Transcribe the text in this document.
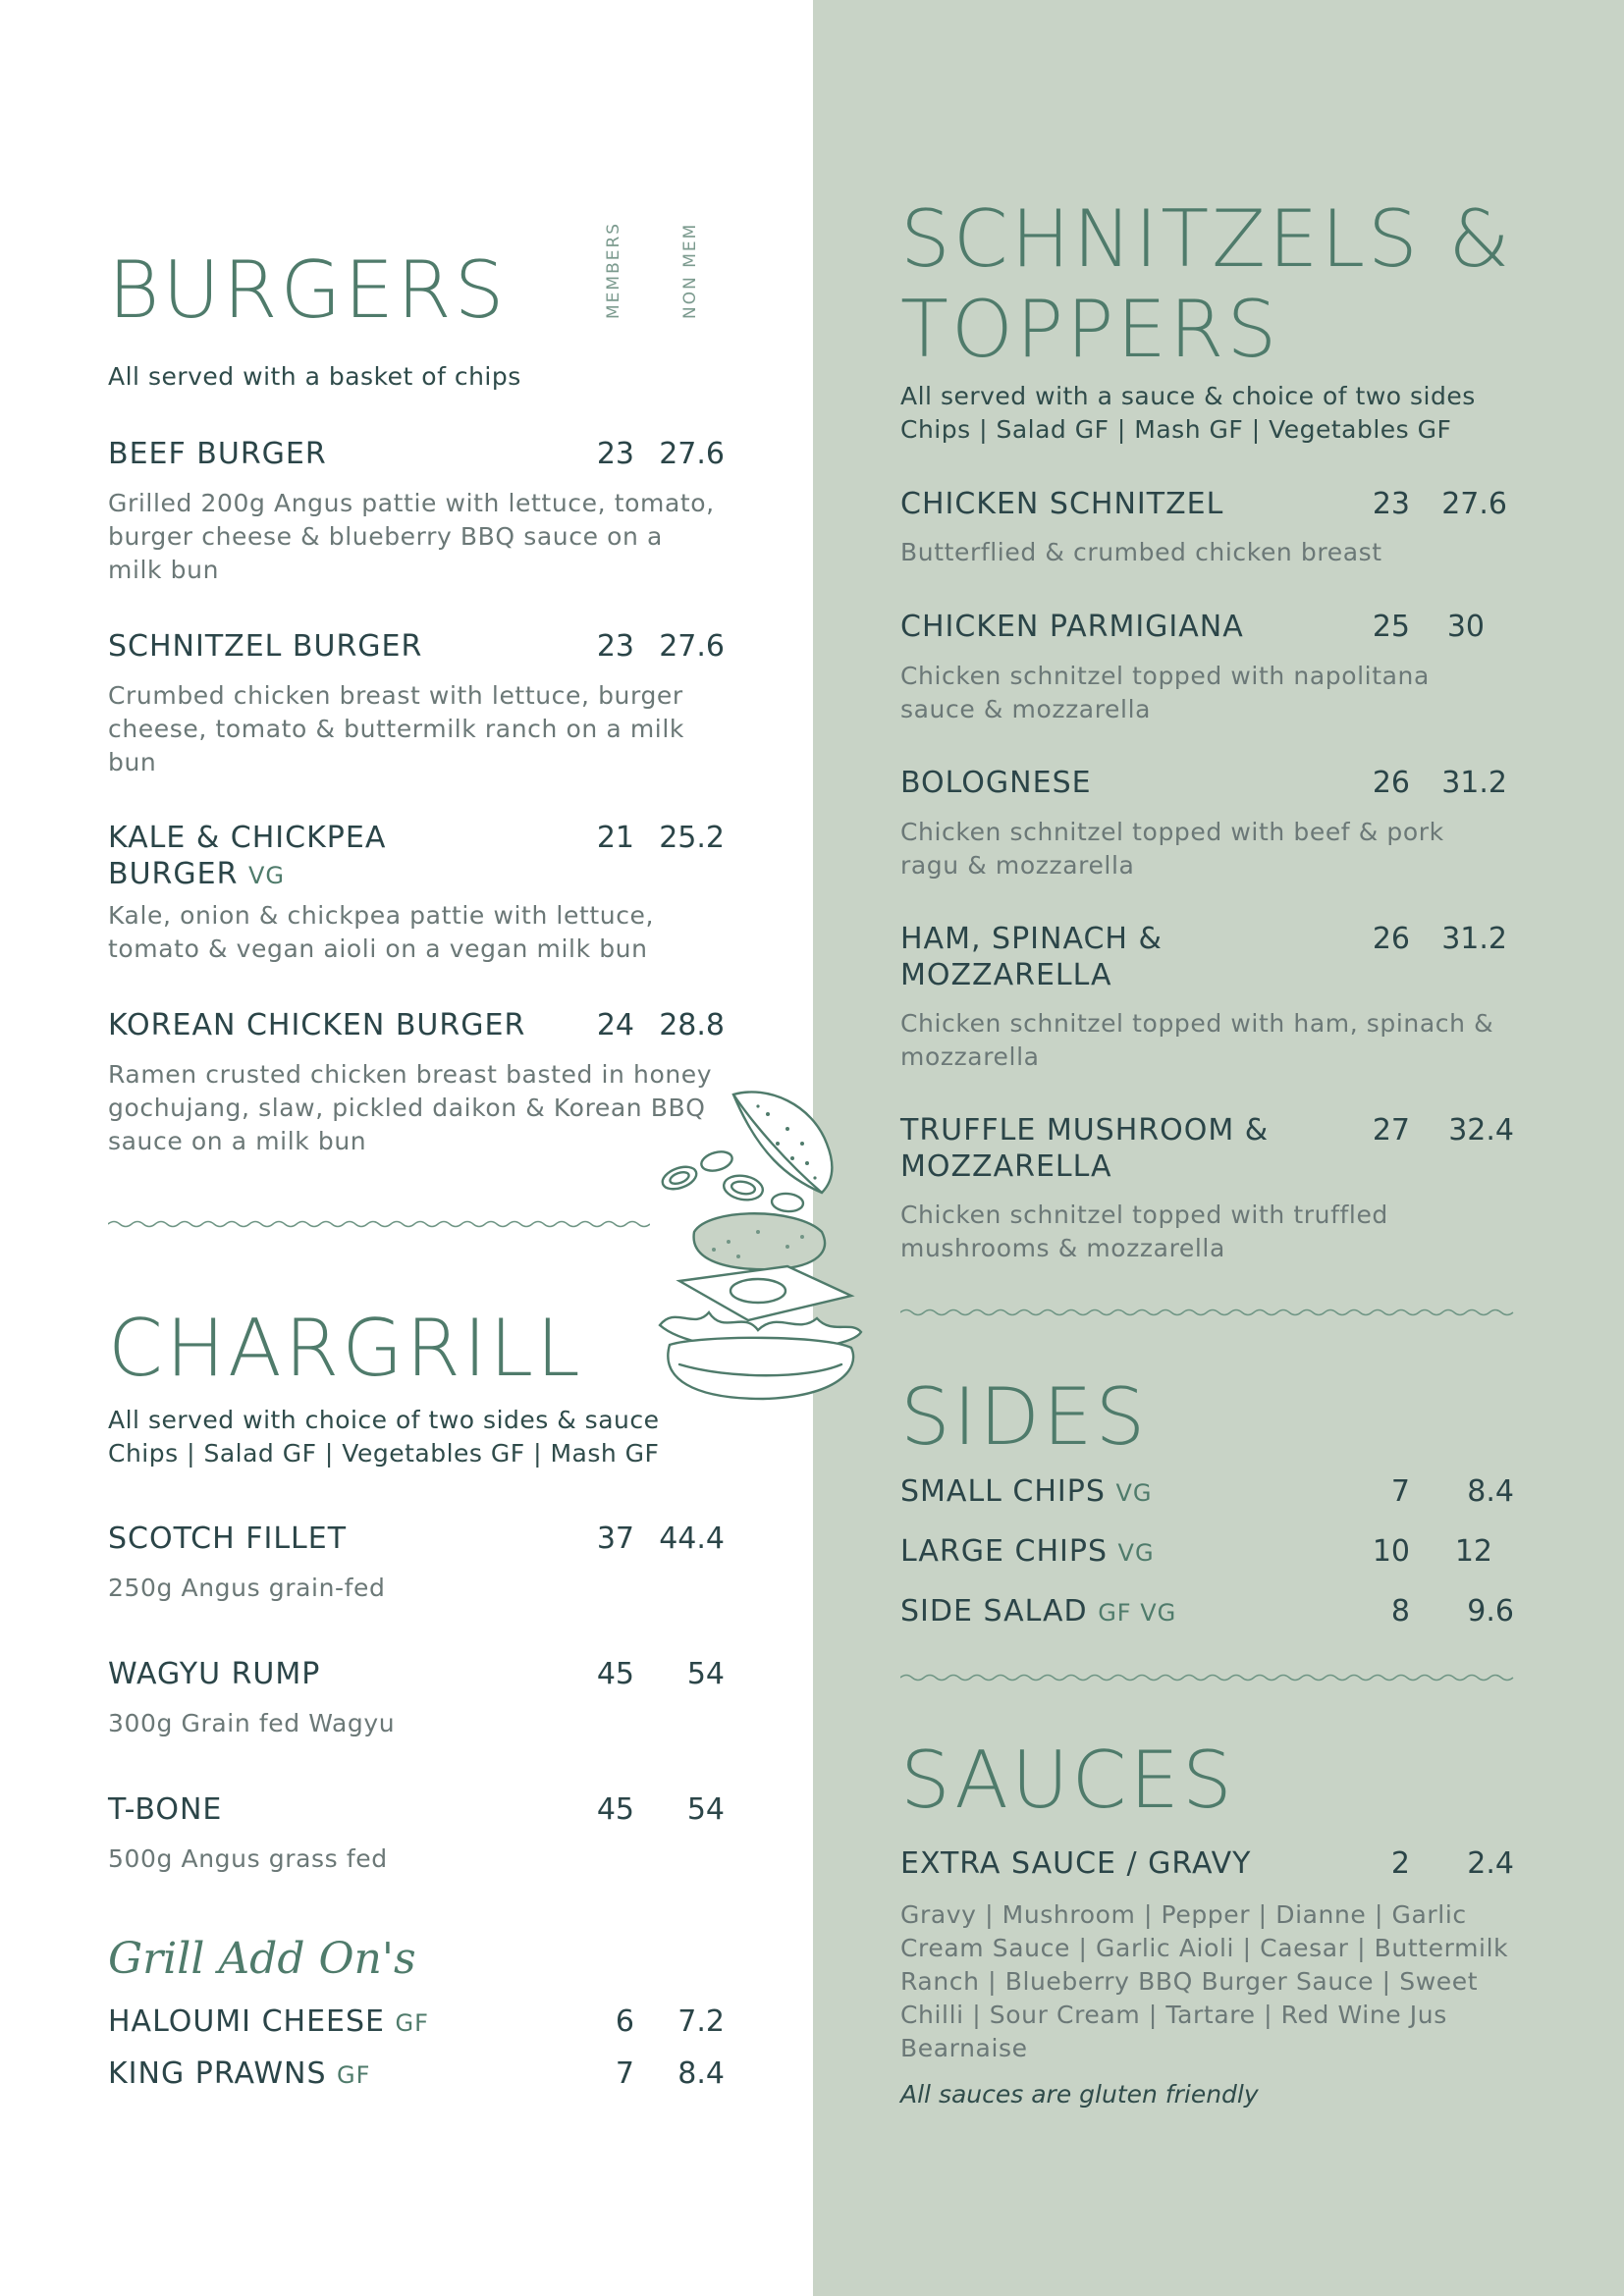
MEMBERS	NON MEM
BURGERS
All served with a basket of chips
BEEF BURGER	23 27.6
Grilled 200g Angus pattie with lettuce, tomato,
burger cheese & blueberry BBQ sauce on a
milk bun
SCHNITZEL BURGER	23 27.6
Crumbed chicken breast with lettuce, burger
cheese, tomato & buttermilk ranch on a milk
bun
KALE & CHICKPEA
BURGER VG
21 25.2
Kale, onion & chickpea pattie with lettuce,
tomato & vegan aioli on a vegan milk bun
KOREAN CHICKEN BURGER 24 28.8
Ramen crusted chicken breast basted in honey
gochujang, slaw, pickled daikon & Korean BBQ
sauce on a milk bun
CHARGRILL
All served with choice of two sides & sauce
Chips | Salad GF | Vegetables GF | Mash GF
SCOTCH FILLET	37 44.4
250g Angus grain-fed
WAGYU RUMP	45 54
300g Grain fed Wagyu
T-BONE	45 54
500g Angus grass fed
Grill Add On's
HALOUMI CHEESE GF	6 7.2
KING PRAWNS GF	7 8.4
SCHNITZELS &
TOPPERS
All served with a sauce & choice of two sides
Chips | Salad GF | Mash GF | Vegetables GF
CHICKEN SCHNITZEL	23 27.6
Butterflied & crumbed chicken breast
CHICKEN PARMIGIANA	25 30
Chicken schnitzel topped with napolitana
sauce & mozzarella
BOLOGNESE	26 31.2
Chicken schnitzel topped with beef & pork
ragu & mozzarella
HAM, SPINACH &
MOZZARELLA
26 31.2
Chicken schnitzel topped with ham, spinach &
mozzarella
TRUFFLE MUSHROOM &
MOZZARELLA
27 32.4
Chicken schnitzel topped with truffled
mushrooms & mozzarella
SIDES
SMALL CHIPS VG	7 8.4
LARGE CHIPS VG	10 12
SIDE SALAD GF VG	8 9.6
SAUCES
EXTRA SAUCE / GRAVY	2 2.4
Gravy | Mushroom | Pepper | Dianne | Garlic
Cream Sauce | Garlic Aioli | Caesar | Buttermilk
Ranch | Blueberry BBQ Burger Sauce | Sweet
Chilli | Sour Cream | Tartare | Red Wine Jus
Bearnaise
All sauces are gluten friendly
